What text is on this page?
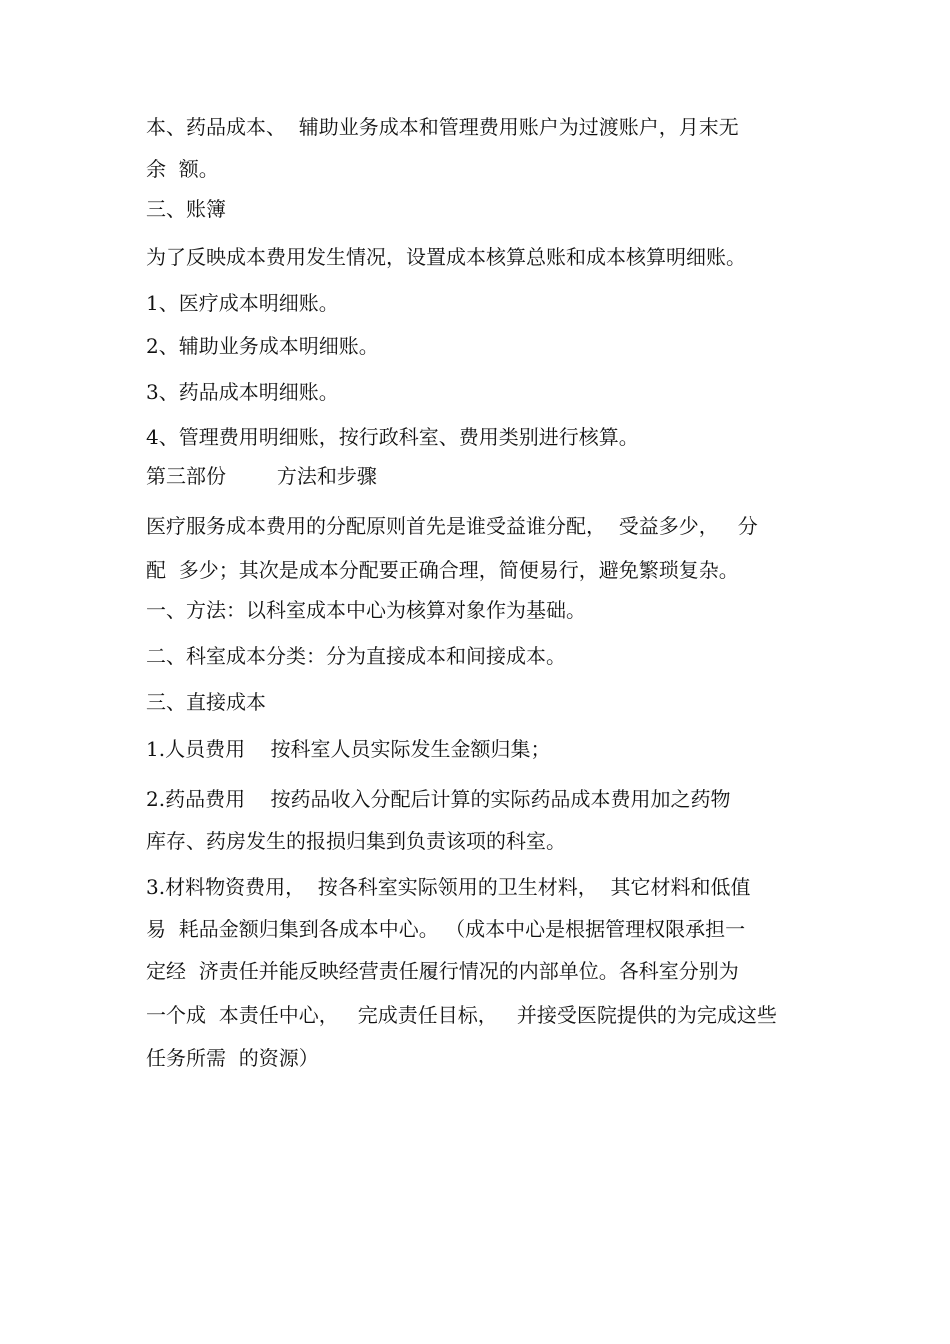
本、药品成本、  辅助业务成本和管理费用账户为过渡账户，月末无

余  额。

三、账簿

为了反映成本费用发生情况，设置成本核算总账和成本核算明细账。

1、医疗成本明细账。

2、辅助业务成本明细账。

3、药品成本明细账。

4、管理费用明细账，按行政科室、费用类别进行核算。

第三部份        方法和步骤

医疗服务成本费用的分配原则首先是谁受益谁分配，  受益多少，   分

配  多少；其次是成本分配要正确合理，简便易行，避免繁琐复杂。

一、方法：以科室成本中心为核算对象作为基础。

二、科室成本分类：分为直接成本和间接成本。

三、直接成本

1.人员费用    按科室人员实际发生金额归集；

2.药品费用    按药品收入分配后计算的实际药品成本费用加之药物

库存、药房发生的报损归集到负责该项的科室。

3.材料物资费用，  按各科室实际领用的卫生材料，  其它材料和低值

易  耗品金额归集到各成本中心。 （成本中心是根据管理权限承担一

定经  济责任并能反映经营责任履行情况的内部单位。各科室分别为

一个成  本责任中心，   完成责任目标，   并接受医院提供的为完成这些

任务所需  的资源）
